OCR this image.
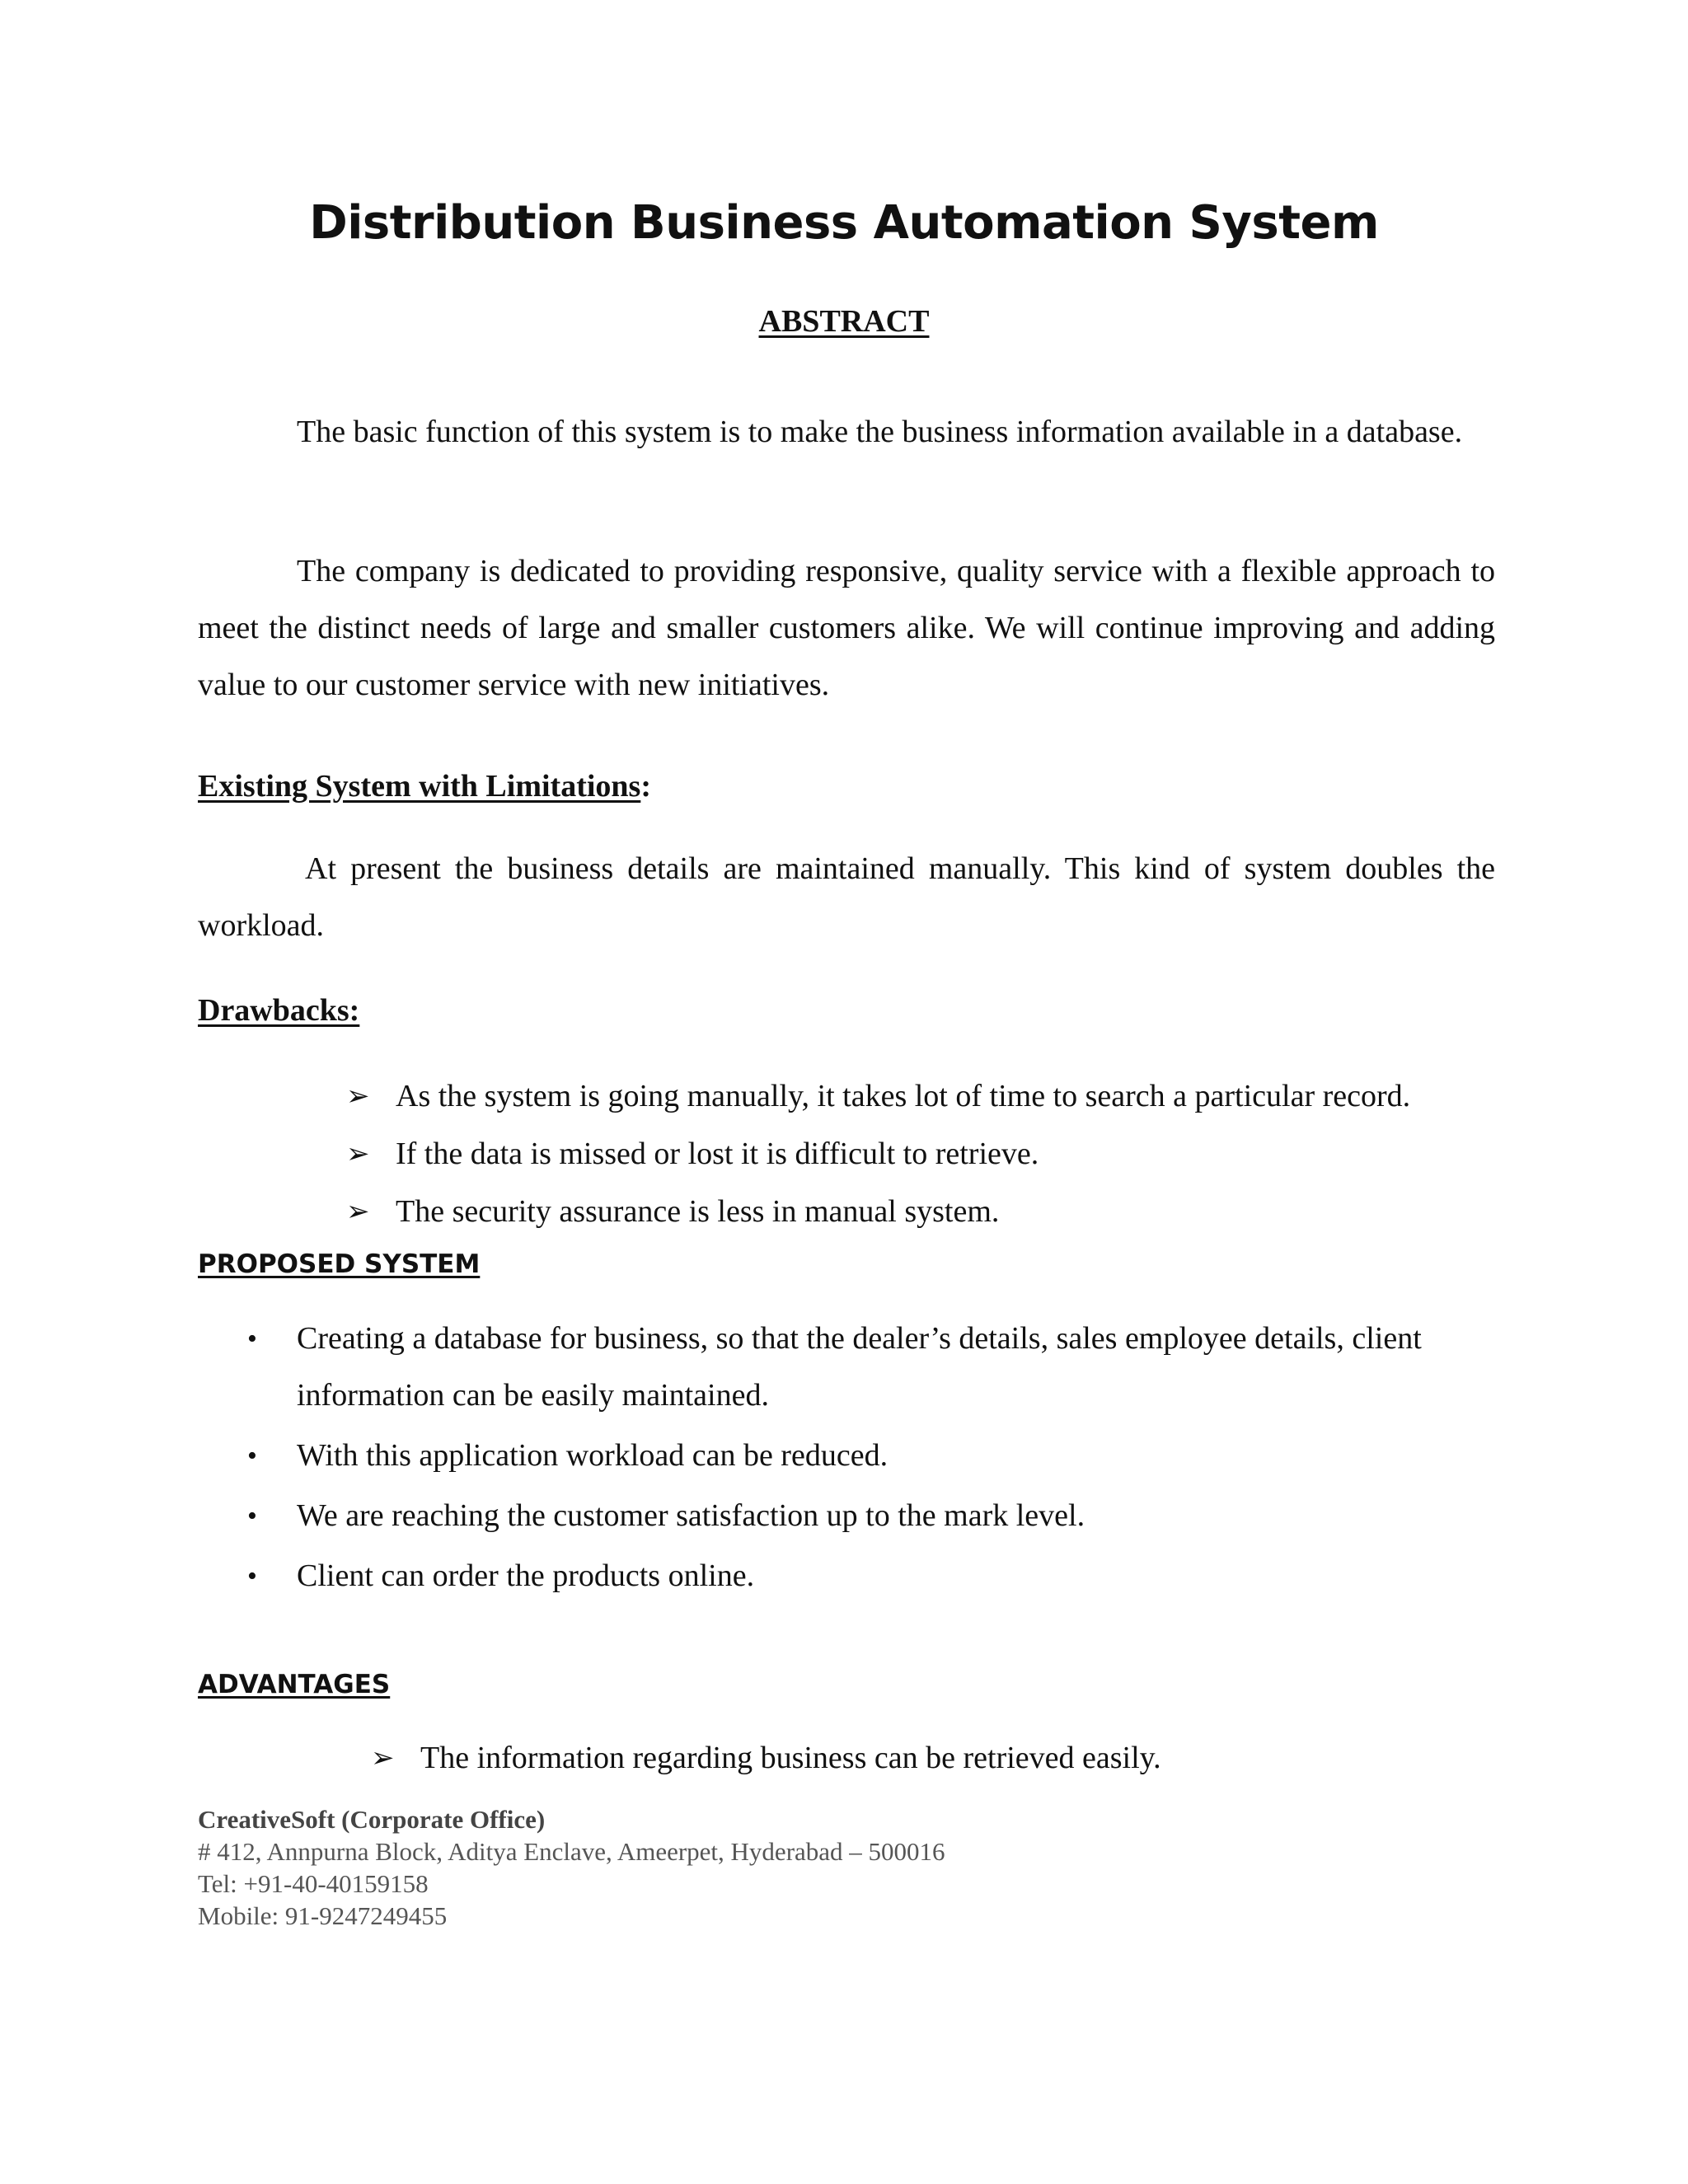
Distribution Business Automation System
ABSTRACT
The basic function of this system is to make the business information available in a database.
The company is dedicated to providing responsive, quality service with a flexible approach to meet the distinct needs of large and smaller customers alike. We will continue improving and adding value to our customer service with new initiatives.
Existing System with Limitations:
At present the business details are maintained manually. This kind of system doubles the workload.
Drawbacks:
➢ As the system is going manually, it takes lot of time to search a particular record.
➢ If the data is missed or lost it is difficult to retrieve.
➢ The security assurance is less in manual system.
PROPOSED SYSTEM
• Creating a database for business, so that the dealer’s details, sales employee details, client information can be easily maintained.
• With this application workload can be reduced.
• We are reaching the customer satisfaction up to the mark level.
• Client can order the products online.
ADVANTAGES
➢ The information regarding business can be retrieved easily.
CreativeSoft (Corporate Office)
# 412, Annpurna Block, Aditya Enclave, Ameerpet, Hyderabad – 500016
Tel: +91-40-40159158
Mobile: 91-9247249455
